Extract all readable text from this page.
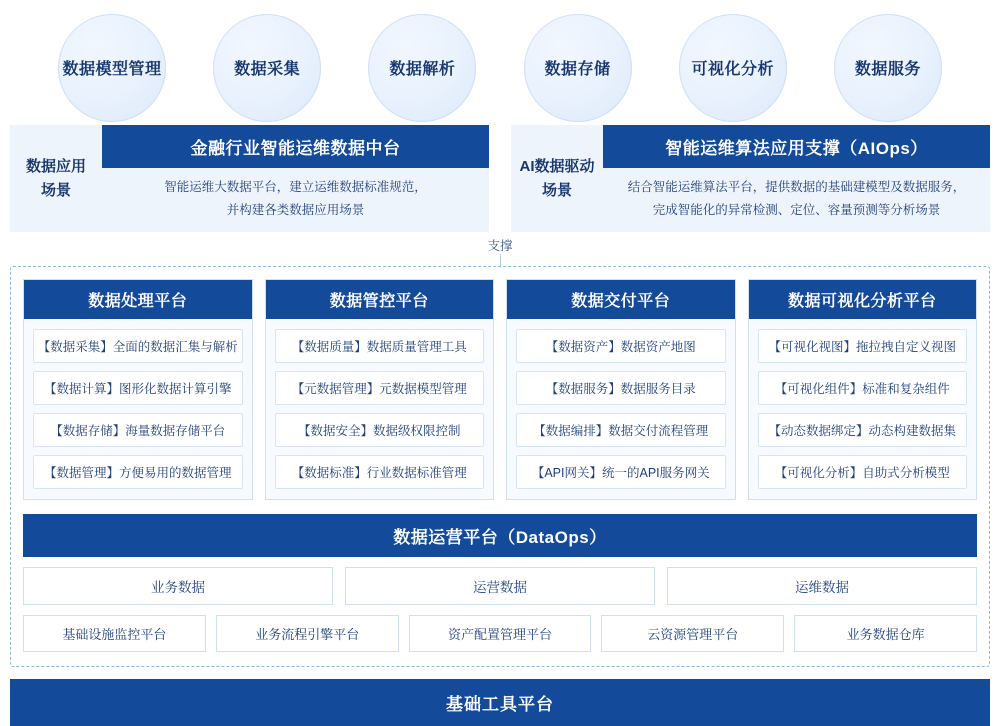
数据模型管理	数据采集	数据解析	数据存储	可视化分析	数据服务
数据应用
场景
金融行业智能运维数据中台
智能运维大数据平台，建立运维数据标准规范，
并构建各类数据应用场景
AI数据驱动
场景
智能运维算法应用支撑（AIOps）
结合智能运维算法平台，提供数据的基础建模型及数据服务，
完成智能化的异常检测、定位、容量预测等分析场景
支撑
数据处理平台
【数据采集】全面的数据汇集与解析
【数据计算】图形化数据计算引擎
【数据存储】海量数据存储平台
【数据管理】方便易用的数据管理
数据管控平台
【数据质量】数据质量管理工具
【元数据管理】元数据模型管理
【数据安全】数据级权限控制
【数据标准】行业数据标准管理
数据交付平台
【数据资产】数据资产地图
【数据服务】数据服务目录
【数据编排】数据交付流程管理
【API网关】统一的API服务网关
数据可视化分析平台
【可视化视图】拖拉拽自定义视图
【可视化组件】标准和复杂组件
【动态数据绑定】动态构建数据集
【可视化分析】自助式分析模型
数据运营平台（DataOps）
业务数据	运营数据	运维数据
基础设施监控平台	业务流程引擎平台	资产配置管理平台	云资源管理平台	业务数据仓库
基础工具平台
